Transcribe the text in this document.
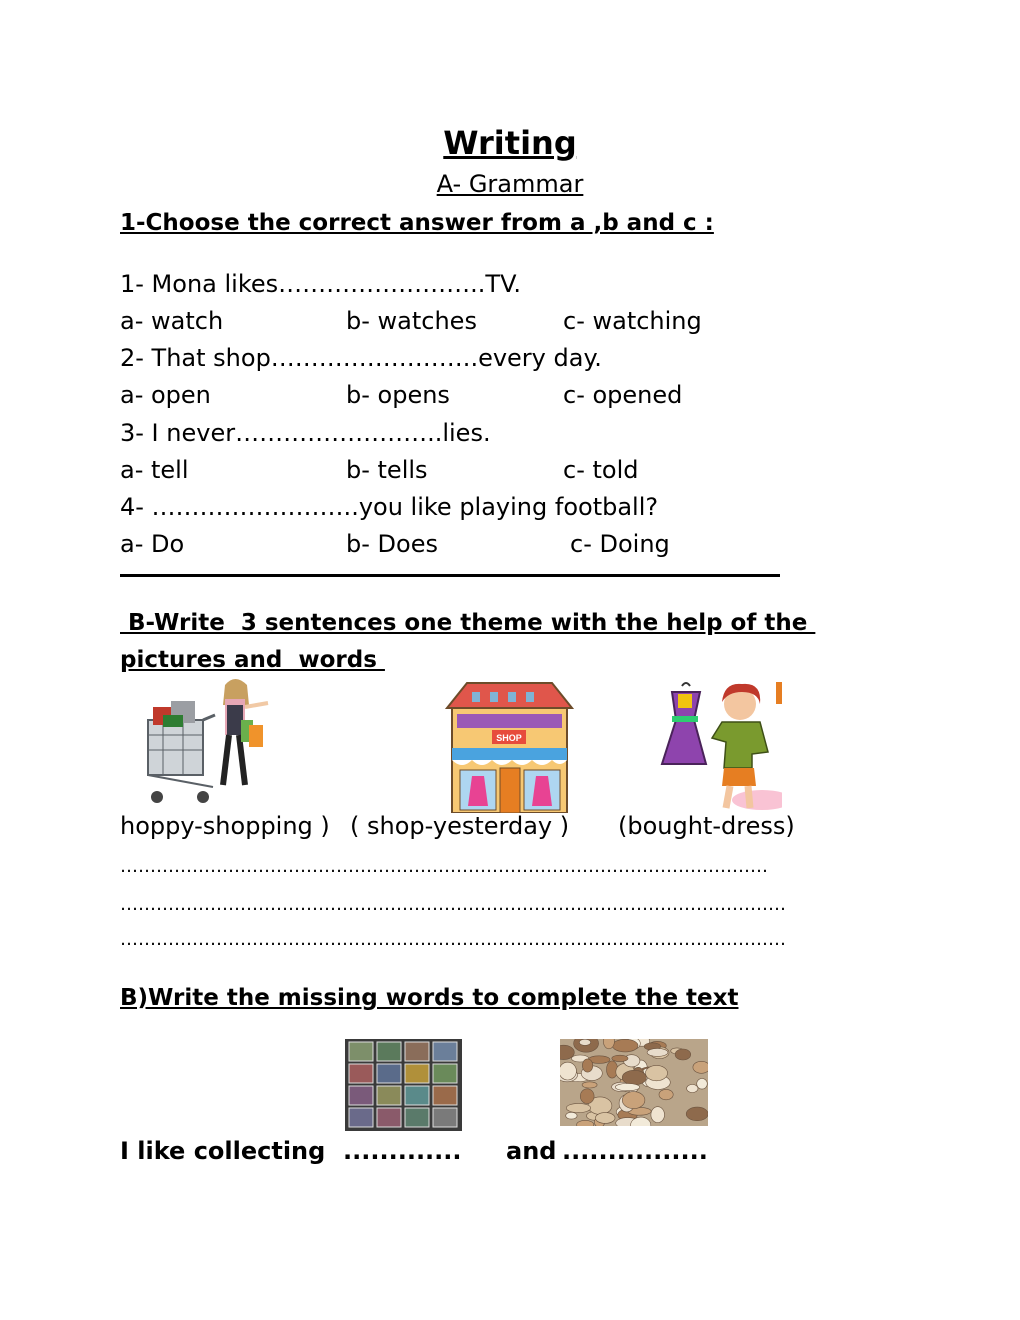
Writing
A- Grammar
1-Choose the correct answer from a ,b and c :
1- Mona likes……………………..TV.
a- watch	b- watches	c- watching
2- That shop……………………..every day.
a- open	b- opens	c- opened
3- I never……………………..lies.
a- tell	b- tells	c- told
4- ……………………..you like playing football?
a- Do	b- Does	c- Doing
B-Write  3 sentences one theme with the help of the
pictures and  words
SHOP
hoppy-shopping ) ( shop-yesterday ) (bought-dress)
………………………………………………………………………………………………
…………………………………………………………………………………………………
…………………………………………………………………………………………………
B)Write the missing words to complete the text
I like collecting ............. and ................
